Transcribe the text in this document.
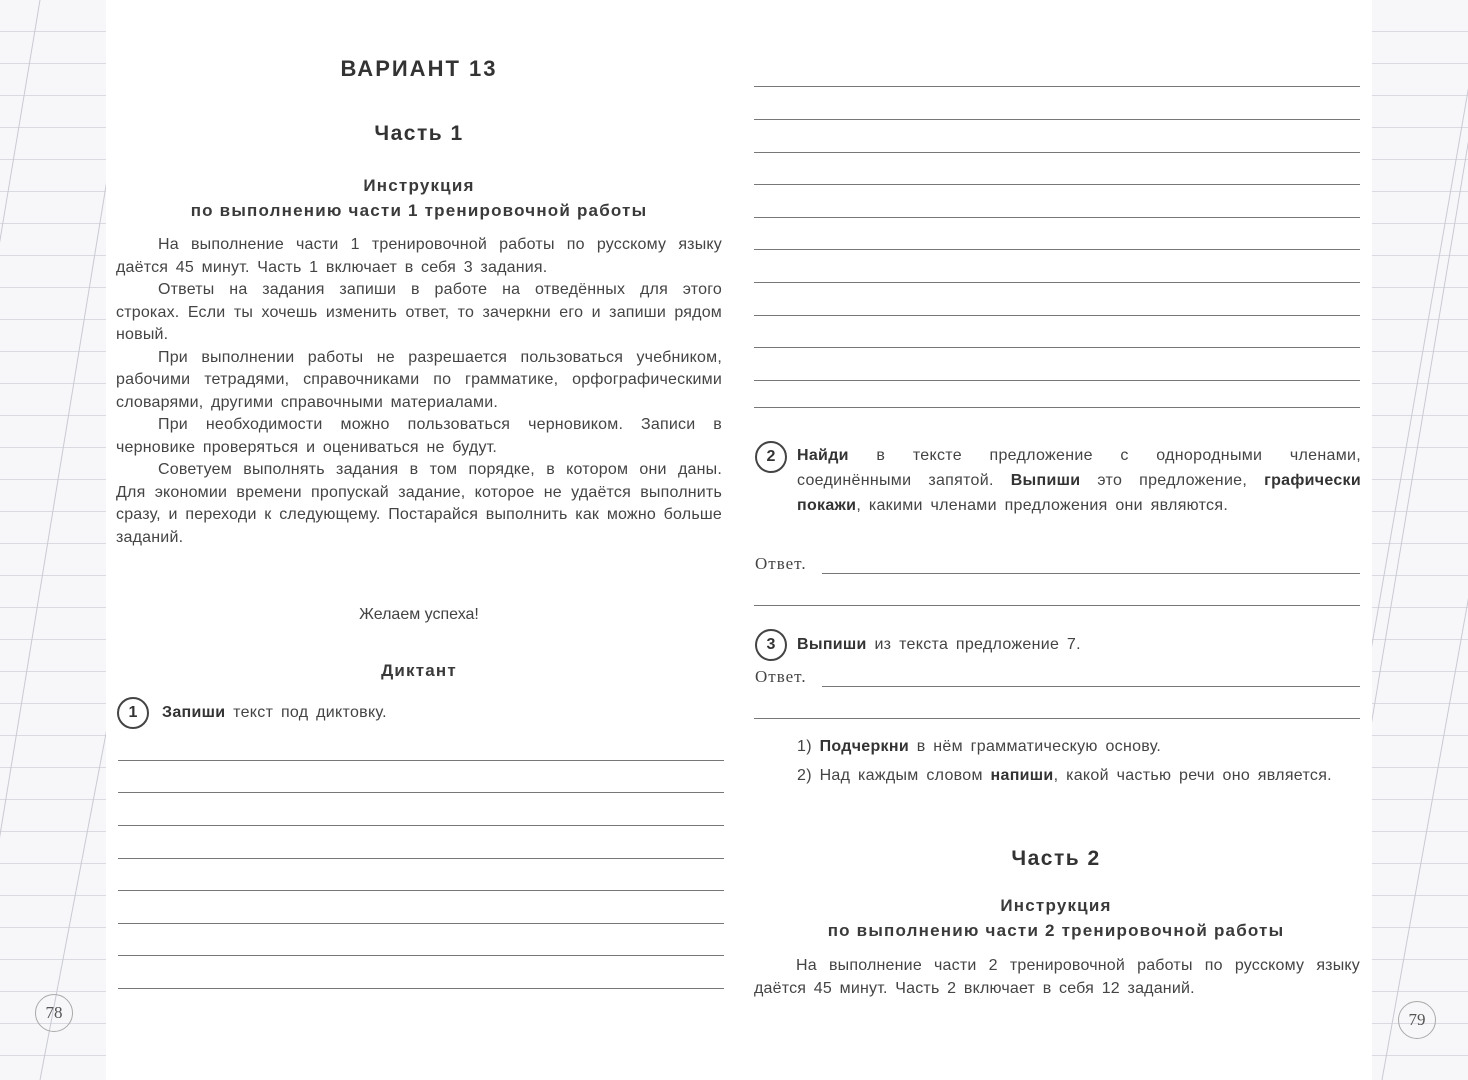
ВАРИАНТ 13
Часть 1
Инструкция
по выполнению части 1 тренировочной работы

На выполнение части 1 тренировочной работы по русскому языку даётся 45 минут. Часть 1 включает в себя 3 задания.

Ответы на задания запиши в работе на отведённых для этого строках. Если ты хочешь изменить ответ, то зачеркни его и запиши рядом новый.

При выполнении работы не разрешается пользоваться учебником, рабочими тетрадями, справочниками по грамматике, орфографическими словарями, другими справочными материалами.

При необходимости можно пользоваться черновиком. Записи в черновике проверяться и оцениваться не будут.

Советуем выполнять задания в том порядке, в котором они даны. Для экономии времени пропускай задание, которое не удаётся выполнить сразу, и переходи к следующему. Постарайся выполнить как можно больше заданий.

Желаем успеха!
Диктант
1	Запиши текст под диктовку.
78
2	Найди в тексте предложение с однородными членами, соединёнными запятой. Выпиши это предложение, графически покажи, какими членами предложения они являются.
Ответ.
3	Выпиши из текста предложение 7.
Ответ.
1) Подчеркни в нём грамматическую основу.
2) Над каждым словом напиши, какой частью речи оно является.
Часть 2
Инструкция
по выполнению части 2 тренировочной работы

На выполнение части 2 тренировочной работы по русскому языку даётся 45 минут. Часть 2 включает в себя 12 заданий.

79
